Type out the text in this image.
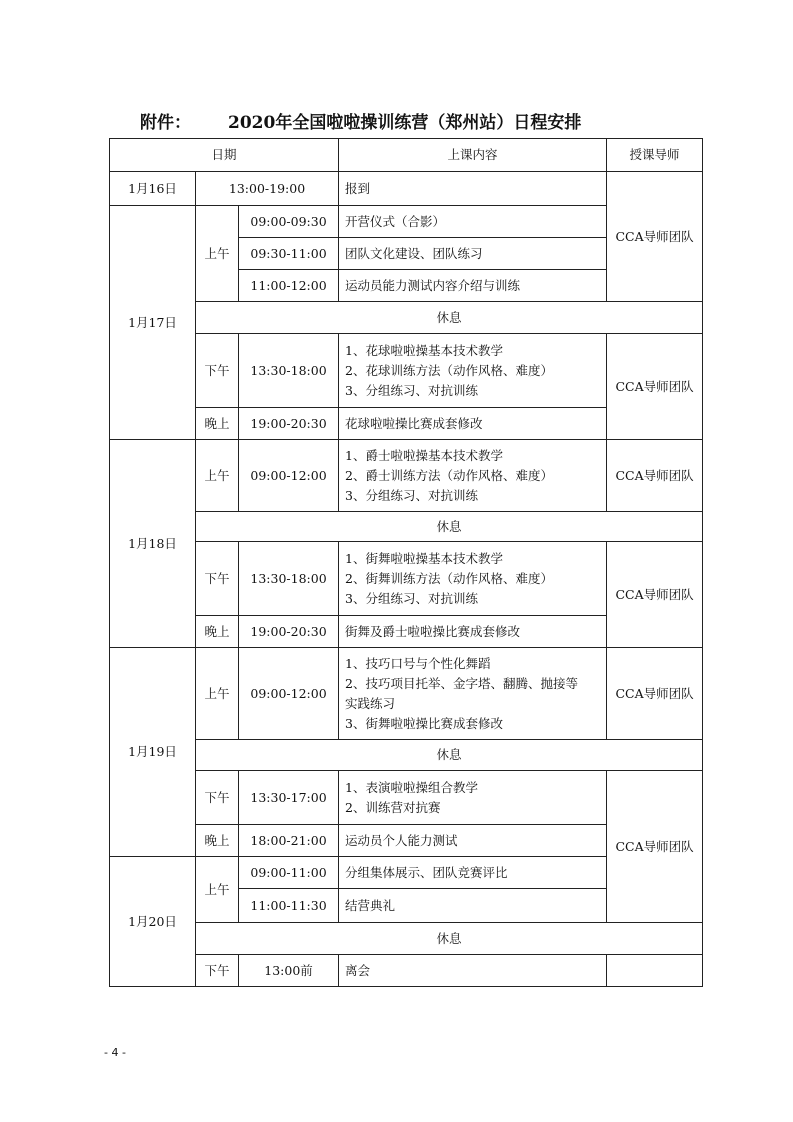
附件： 2020年全国啦啦操训练营（郑州站）日程安排
日期			上课内容	授课导师
1月16日	13:00-19:00		报到	CCA导师团队
1月17日	上午	09:00-09:30	开营仪式（合影）	
		09:30-11:00	团队文化建设、团队练习	
		11:00-12:00	运动员能力测试内容介绍与训练	
	休息			
	下午	13:30-18:00	1、花球啦啦操基本技术教学
2、花球训练方法（动作风格、难度）
3、分组练习、对抗训练	CCA导师团队
	晚上	19:00-20:30	花球啦啦操比赛成套修改	
1月18日	上午	09:00-12:00	1、爵士啦啦操基本技术教学
2、爵士训练方法（动作风格、难度）
3、分组练习、对抗训练	CCA导师团队
	休息			
	下午	13:30-18:00	1、街舞啦啦操基本技术教学
2、街舞训练方法（动作风格、难度）
3、分组练习、对抗训练	CCA导师团队
	晚上	19:00-20:30	街舞及爵士啦啦操比赛成套修改	
1月19日	上午	09:00-12:00	1、技巧口号与个性化舞蹈
2、技巧项目托举、金字塔、翻腾、抛接等
实践练习
3、街舞啦啦操比赛成套修改	CCA导师团队
	休息			
	下午	13:30-17:00	1、表演啦啦操组合教学
2、训练营对抗赛	CCA导师团队
	晚上	18:00-21:00	运动员个人能力测试	
1月20日	上午	09:00-11:00	分组集体展示、团队竞赛评比	
		11:00-11:30	结营典礼	
	休息			
	下午	13:00前	离会	
- 4 -
